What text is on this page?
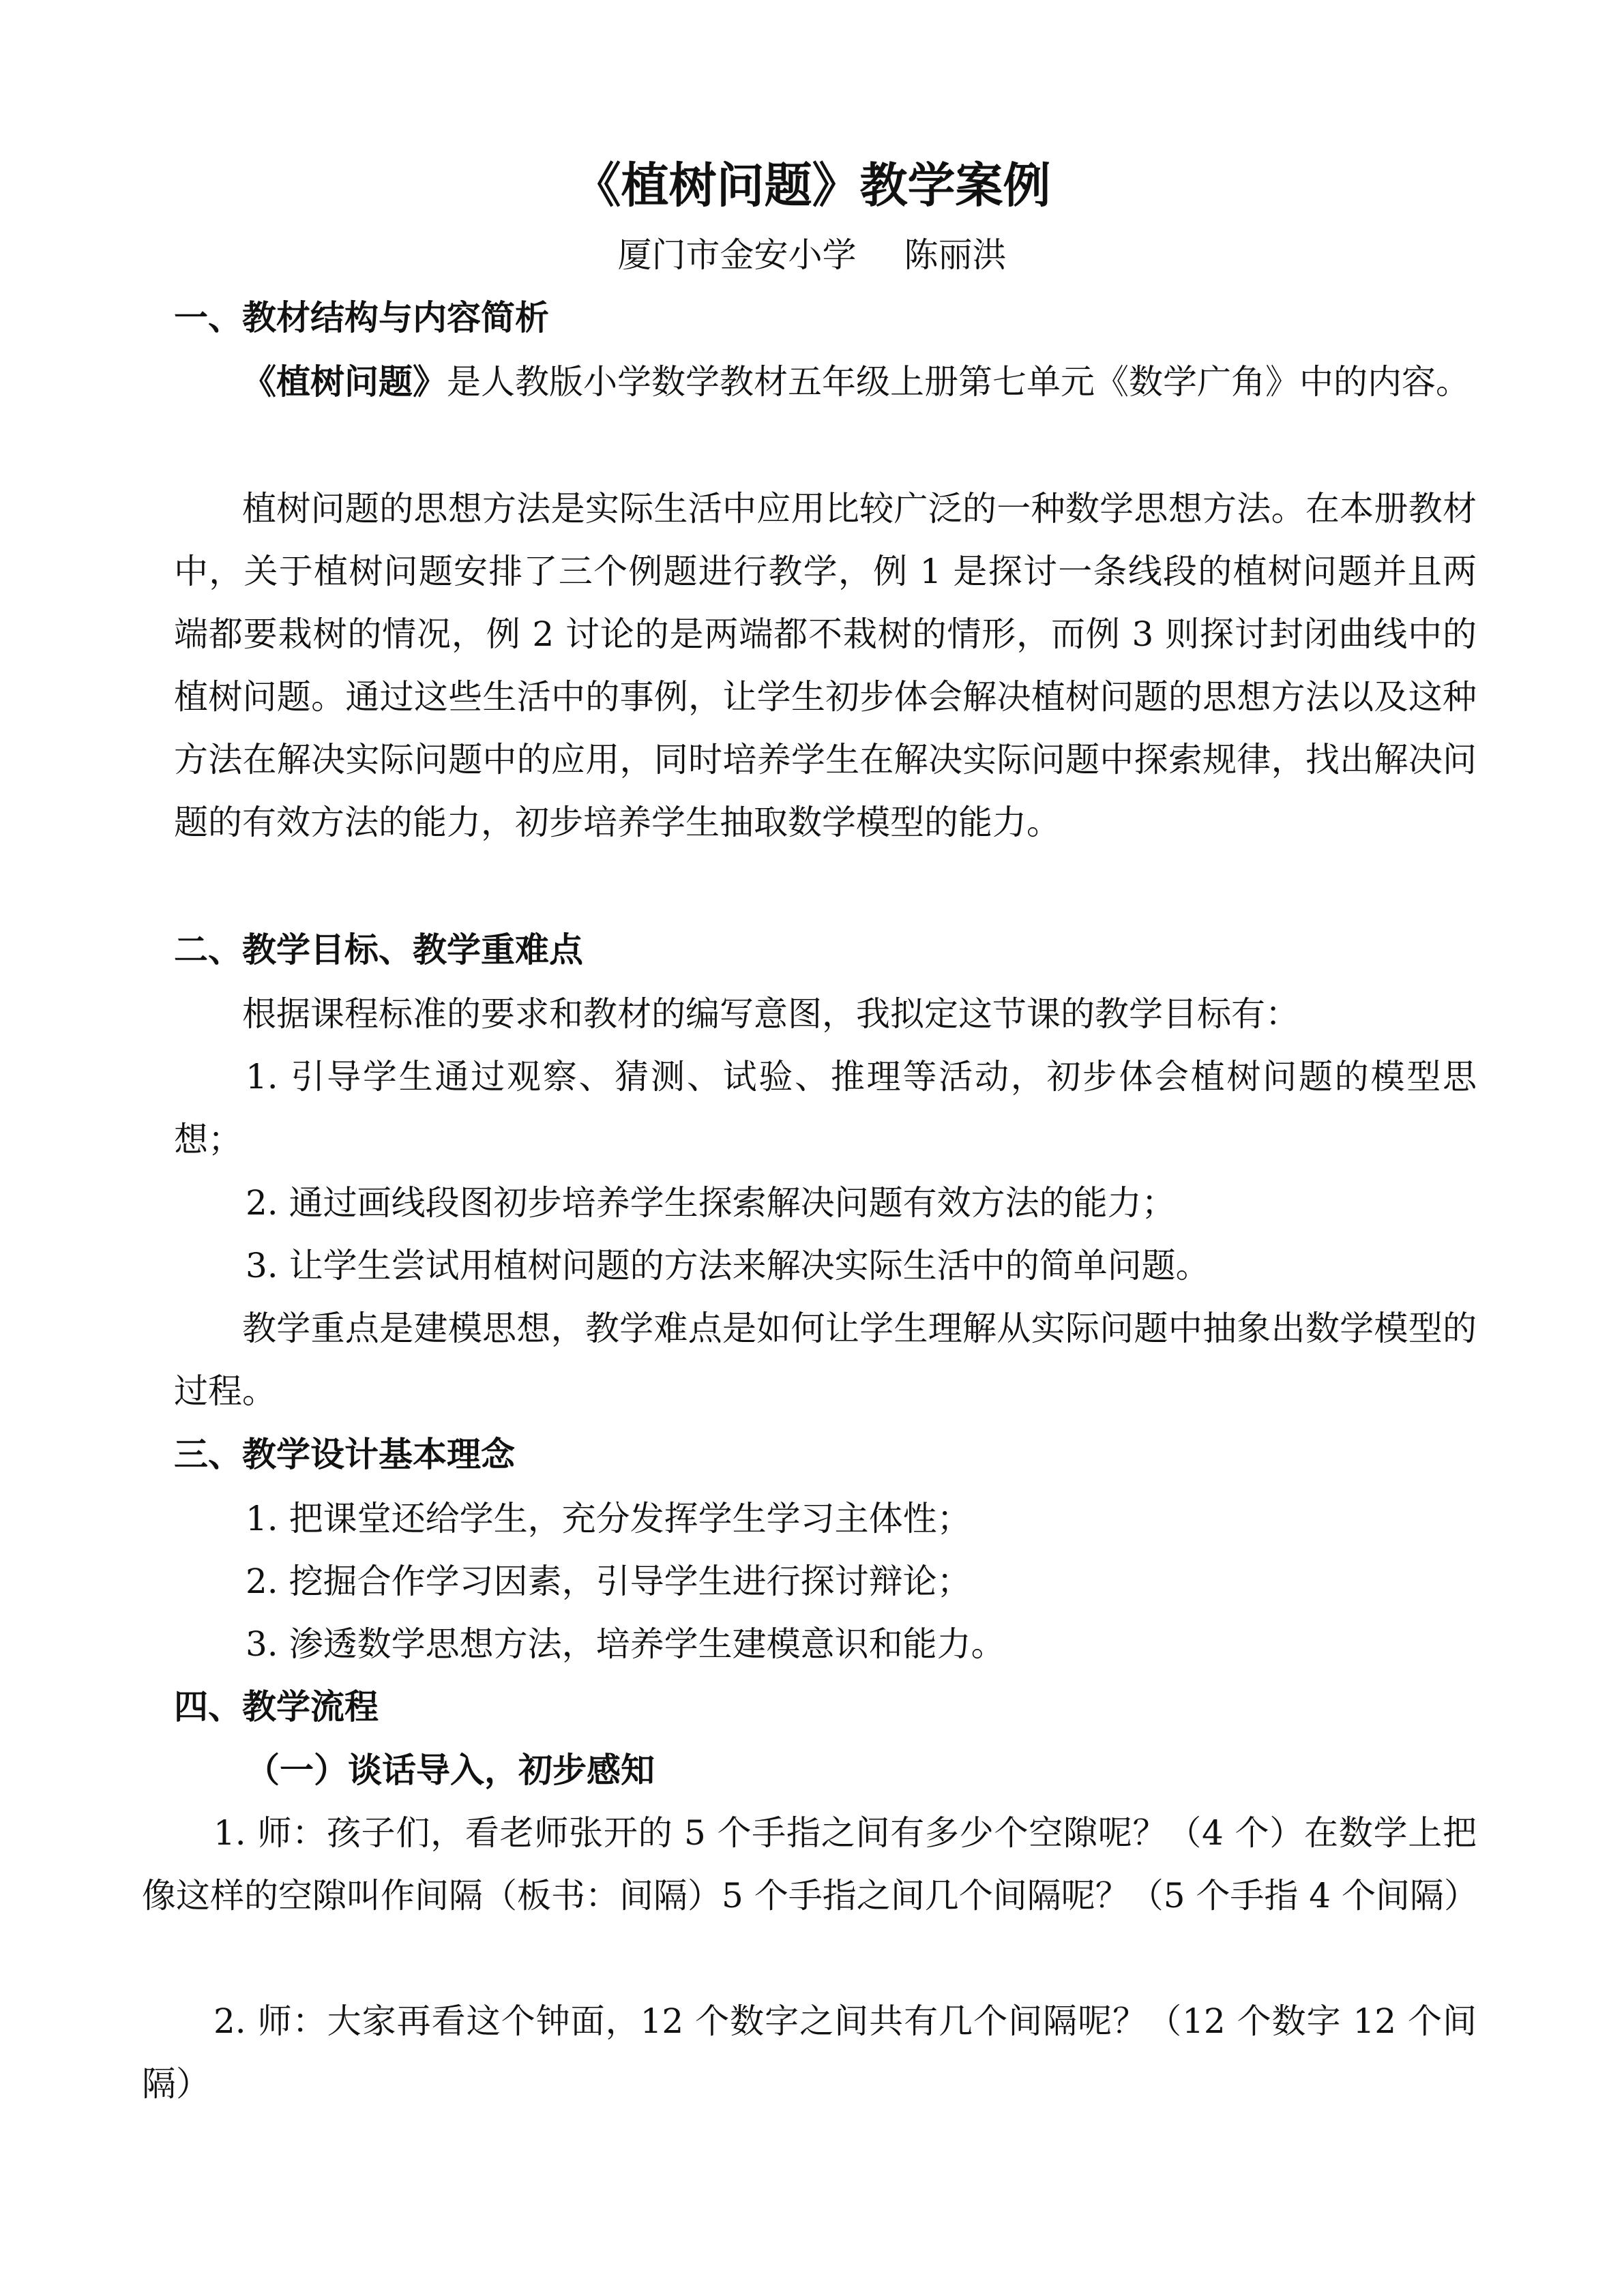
《植树问题》教学案例

厦门市金安小学 陈丽洪

一、教材结构与内容简析

《植树问题》是人教版小学数学教材五年级上册第七单元《数学广角》中的内容。

植树问题的思想方法是实际生活中应用比较广泛的一种数学思想方法。在本册教材中，关于植树问题安排了三个例题进行教学，例 1 是探讨一条线段的植树问题并且两端都要栽树的情况，例 2 讨论的是两端都不栽树的情形，而例 3 则探讨封闭曲线中的植树问题。通过这些生活中的事例，让学生初步体会解决植树问题的思想方法以及这种方法在解决实际问题中的应用，同时培养学生在解决实际问题中探索规律，找出解决问题的有效方法的能力，初步培养学生抽取数学模型的能力。

二、教学目标、教学重难点

根据课程标准的要求和教材的编写意图，我拟定这节课的教学目标有：

1. 引导学生通过观察、猜测、试验、推理等活动，初步体会植树问题的模型思想；

2. 通过画线段图初步培养学生探索解决问题有效方法的能力；

3. 让学生尝试用植树问题的方法来解决实际生活中的简单问题。

教学重点是建模思想，教学难点是如何让学生理解从实际问题中抽象出数学模型的过程。

三、教学设计基本理念

1. 把课堂还给学生，充分发挥学生学习主体性；

2. 挖掘合作学习因素，引导学生进行探讨辩论；

3. 渗透数学思想方法，培养学生建模意识和能力。

四、教学流程
（一）谈话导入，初步感知

1. 师：孩子们，看老师张开的 5 个手指之间有多少个空隙呢？（4 个）在数学上把像这样的空隙叫作间隔（板书：间隔）5 个手指之间几个间隔呢？（5 个手指 4 个间隔）

2. 师：大家再看这个钟面，12 个数字之间共有几个间隔呢？（12 个数字 12 个间隔）
